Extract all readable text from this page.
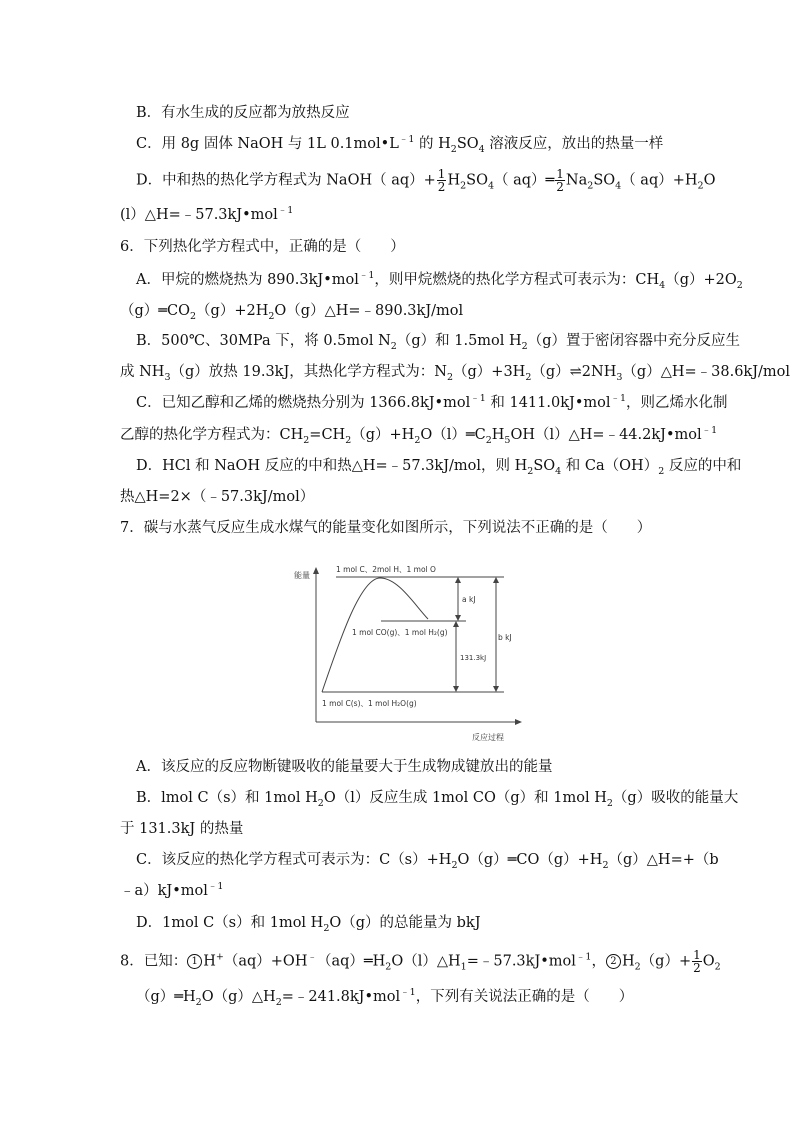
B．有水生成的反应都为放热反应
C．用 8g 固体 NaOH 与 1L $0.1mol•L^{﹣1}$ 的 $H_2SO_4$ 溶液反应，放出的热量一样
D．中和热的热化学方程式为 NaOH（ $aq)+ \frac{1}{2} H_2SO_4$（ aq）═ $\frac{1}{2} Na_2SO_4$（ $aq)+H_2O$
(l）△H=﹣57.3kJ•mol$^{﹣1}$
6．下列热化学方程式中，正确的是（　　）
A．甲烷的燃烧热为 890.3kJ•mol$^{﹣1}$，则甲烷燃烧的热化学方程式可表示为：$CH_4(g)+2O_2$
$(g)═CO_2(g)+2H_2O(g)\triangle H=﹣890.3kJ$/mol
B．500℃、30MPa 下，将 0.5mol $N_2(g)$和 1.5mol $H_2(g)$置于密闭容器中充分反应生
成 $NH_3(g)$放热 19.3kJ，其热化学方程式为：$N_2(g)+3H_2(g)\rightleftharpoons 2NH_3(g)\triangle H=﹣38.6kJ$/mol
C．已知乙醇和乙烯的燃烧热分别为 1366.8kJ•mol$^{﹣1}$ 和 1411.0kJ•mol$^{﹣1}$，则乙烯水化制
乙醇的热化学方程式为：$CH_2=CH_2(g)+H_2O(l)═C_2H_5OH(l)\triangle H=﹣44.2kJ•mol^{﹣1}$
D．HCl 和 NaOH 反应的中和热△H=﹣57.3kJ/mol，则 $H_2SO_4$ 和 $Ca(OH)_2$ 反应的中和
热△H=2×（﹣57.3kJ/mol）
7．碳与水蒸气反应生成水煤气的能量变化如图所示，下列说法不正确的是（　　）
能量
反应过程
1 mol C、2mol H、1 mol O
1 mol CO(g)、1 mol H₂(g)
1 mol C(s)、1 mol H₂O(g)
a kJ
b kJ
131.3kJ
A．该反应的反应物断键吸收的能量要大于生成物成键放出的能量
B．lmol C（s）和 1mol $H_2O(l)$反应生成 1mol CO（g）和 1mol $H_2(g)$吸收的能量大
于 131.3kJ 的热量
C．该反应的热化学方程式可表示为：$C(s)+H_2O(g)═CO(g)+H_2(g)\triangle H=+(b$
﹣a）kJ•mol$^{﹣1}$
D．1mol C（s）和 1mol $H_2O(g)$的总能量为 bkJ
8．已知： 1 $H^+(aq)+OH^﹣(aq)═H_2O(l)\triangle H_1=﹣57.3kJ•mol^{﹣1}$， 2 $H_2(g)+ \frac{1}{2} O_2$
$(g)═H_2O(g)\triangle H_2=﹣241.8kJ•mol^{﹣1}$，下列有关说法正确的是（　　）
